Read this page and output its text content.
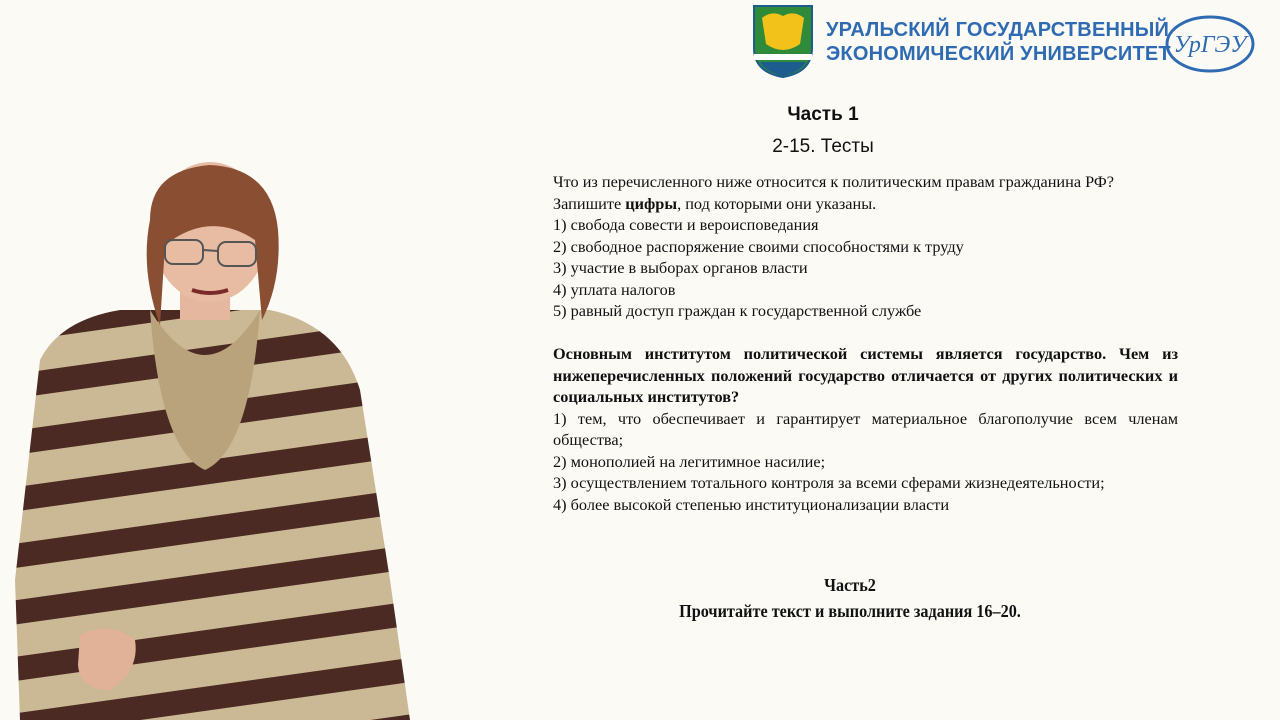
УРАЛЬСКИЙ ГОСУДАРСТВЕННЫЙ
ЭКОНОМИЧЕСКИЙ УНИВЕРСИТЕТ УрГЭУ
Часть 1
2-15. Тесты
Что из перечисленного ниже относится к политическим правам гражданина РФ?
Запишите цифры, под которыми они указаны.
1) свобода совести и вероисповедания
2) свободное распоряжение своими способностями к труду
3) участие в выборах органов власти
4) уплата налогов
5) равный доступ граждан к государственной службе
Основным институтом политической системы является государство. Чем из нижеперечисленных положений государство отличается от других политических и социальных институтов?
1) тем, что обеспечивает и гарантирует материальное благополучие всем членам общества;
2) монополией на легитимное насилие;
3) осуществлением тотального контроля за всеми сферами жизнедеятельности;
4) более высокой степенью институционализации власти
Часть2
Прочитайте текст и выполните задания 16–20.
